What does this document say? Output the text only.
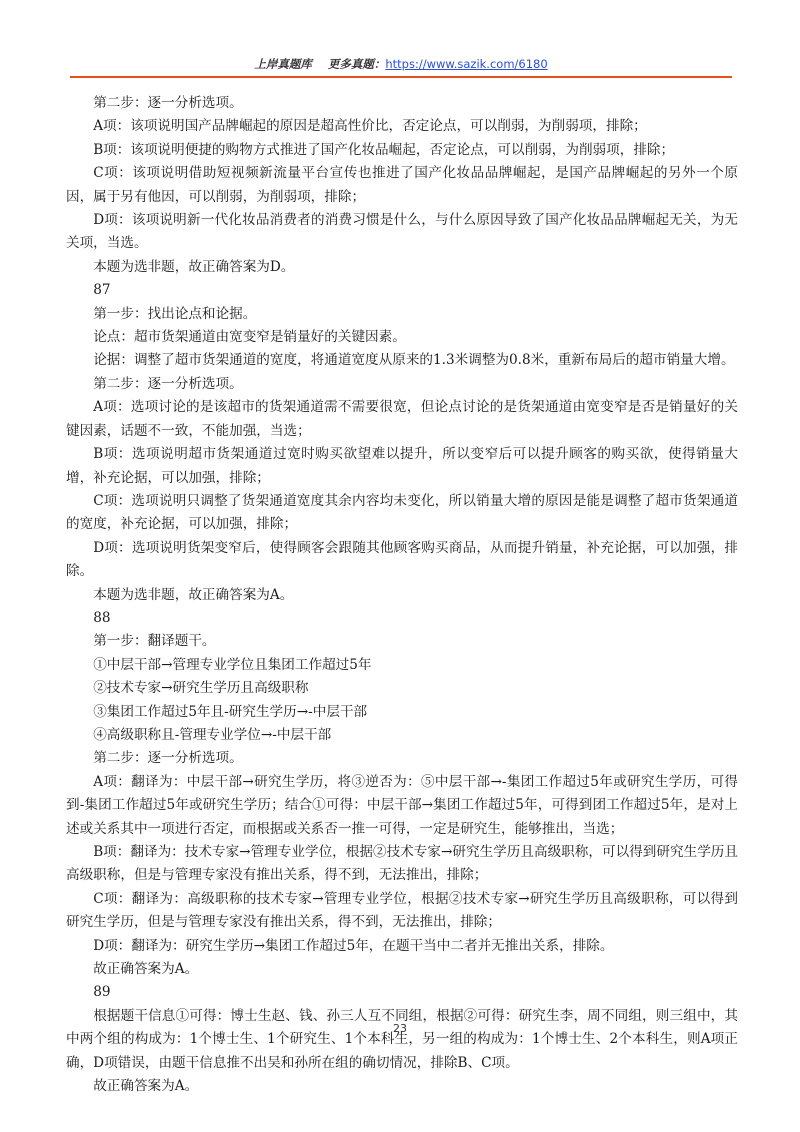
上岸真题库 更多真题：https://www.sazik.com/6180

第二步：逐一分析选项。

A项：该项说明国产品牌崛起的原因是超高性价比，否定论点，可以削弱，为削弱项，排除；

B项：该项说明便捷的购物方式推进了国产化妆品崛起，否定论点，可以削弱，为削弱项，排除；

C项：该项说明借助短视频新流量平台宣传也推进了国产化妆品品牌崛起，是国产品牌崛起的另外一个原因，属于另有他因，可以削弱，为削弱项，排除；

D项：该项说明新一代化妆品消费者的消费习惯是什么，与什么原因导致了国产化妆品品牌崛起无关，为无关项，当选。

本题为选非题，故正确答案为D。

87

第一步：找出论点和论据。

论点：超市货架通道由宽变窄是销量好的关键因素。

论据：调整了超市货架通道的宽度，将通道宽度从原来的1.3米调整为0.8米，重新布局后的超市销量大增。

第二步：逐一分析选项。

A项：选项讨论的是该超市的货架通道需不需要很宽，但论点讨论的是货架通道由宽变窄是否是销量好的关键因素，话题不一致，不能加强，当选；

B项：选项说明超市货架通道过宽时购买欲望难以提升，所以变窄后可以提升顾客的购买欲，使得销量大增，补充论据，可以加强，排除；

C项：选项说明只调整了货架通道宽度其余内容均未变化，所以销量大增的原因是能是调整了超市货架通道的宽度，补充论据，可以加强，排除；

D项：选项说明货架变窄后，使得顾客会跟随其他顾客购买商品，从而提升销量，补充论据，可以加强，排除。

本题为选非题，故正确答案为A。

88

第一步：翻译题干。

①中层干部→管理专业学位且集团工作超过5年

②技术专家→研究生学历且高级职称

③集团工作超过5年且-研究生学历→-中层干部

④高级职称且-管理专业学位→-中层干部

第二步：逐一分析选项。

A项：翻译为：中层干部→研究生学历，将③逆否为：⑤中层干部→-集团工作超过5年或研究生学历，可得到-集团工作超过5年或研究生学历；结合①可得：中层干部→集团工作超过5年，可得到团工作超过5年，是对上述或关系其中一项进行否定，而根据或关系否一推一可得，一定是研究生，能够推出，当选；

B项：翻译为：技术专家→管理专业学位，根据②技术专家→研究生学历且高级职称，可以得到研究生学历且高级职称，但是与管理专家没有推出关系，得不到，无法推出，排除；

C项：翻译为：高级职称的技术专家→管理专业学位，根据②技术专家→研究生学历且高级职称，可以得到研究生学历，但是与管理专家没有推出关系，得不到，无法推出，排除；

D项：翻译为：研究生学历→集团工作超过5年，在题干当中二者并无推出关系，排除。

故正确答案为A。

89

根据题干信息①可得：博士生赵、钱、孙三人互不同组，根据②可得：研究生李，周不同组，则三组中，其中两个组的构成为：1个博士生、1个研究生、1个本科生，另一组的构成为：1个博士生、2个本科生，则A项正确，D项错误，由题干信息推不出吴和孙所在组的确切情况，排除B、C项。

故正确答案为A。

23
